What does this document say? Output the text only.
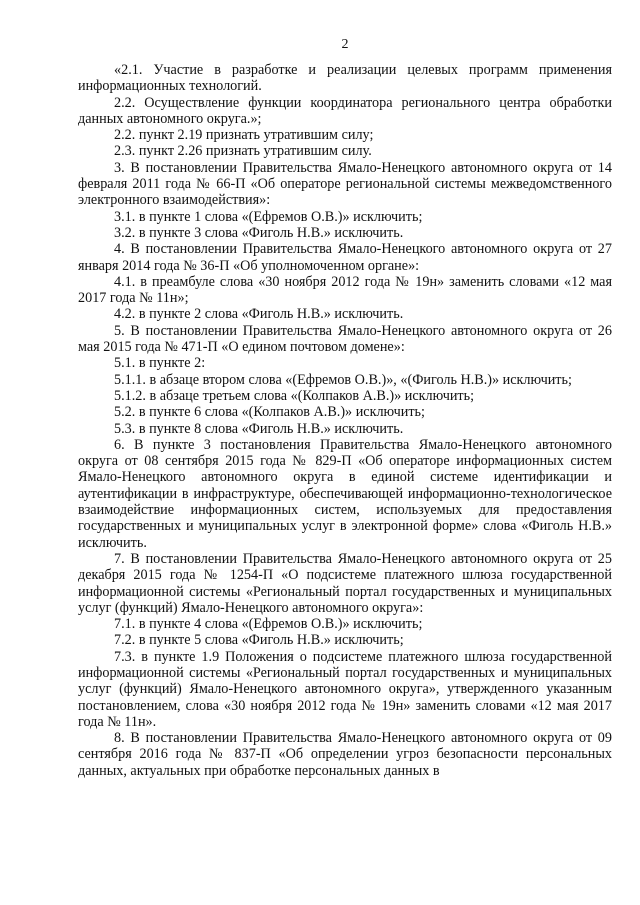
2

«2.1. Участие в разработке и реализации целевых программ применения информационных технологий.

2.2. Осуществление функции координатора регионального центра обработки данных автономного округа.»;

2.2. пункт 2.19 признать утратившим силу;

2.3. пункт 2.26 признать утратившим силу.

3. В постановлении Правительства Ямало-Ненецкого автономного округа от 14 февраля 2011 года № 66-П «Об операторе региональной системы межведомственного электронного взаимодействия»:

3.1. в пункте 1 слова «(Ефремов О.В.)» исключить;

3.2. в пункте 3 слова «Фиголь Н.В.» исключить.

4. В постановлении Правительства Ямало-Ненецкого автономного округа от 27 января 2014 года № 36-П «Об уполномоченном органе»:

4.1. в преамбуле слова «30 ноября 2012 года № 19н» заменить словами «12 мая 2017 года № 11н»;

4.2. в пункте 2 слова «Фиголь Н.В.» исключить.

5. В постановлении Правительства Ямало-Ненецкого автономного округа от 26 мая 2015 года № 471-П «О едином почтовом домене»:

5.1. в пункте 2:

5.1.1. в абзаце втором слова «(Ефремов О.В.)», «(Фиголь Н.В.)» исключить;

5.1.2. в абзаце третьем слова «(Колпаков А.В.)» исключить;

5.2. в пункте 6 слова «(Колпаков А.В.)» исключить;

5.3. в пункте 8 слова «Фиголь Н.В.» исключить.

6. В пункте 3 постановления Правительства Ямало-Ненецкого автономного округа от 08 сентября 2015 года № 829-П «Об операторе информационных систем Ямало-Ненецкого автономного округа в единой системе идентификации и аутентификации в инфраструктуре, обеспечивающей информационно-технологическое взаимодействие информационных систем, используемых для предоставления государственных и муниципальных услуг в электронной форме» слова «Фиголь Н.В.» исключить.

7. В постановлении Правительства Ямало-Ненецкого автономного округа от 25 декабря 2015 года № 1254-П «О подсистеме платежного шлюза государственной информационной системы «Региональный портал государственных и муниципальных услуг (функций) Ямало-Ненецкого автономного округа»:

7.1. в пункте 4 слова «(Ефремов О.В.)» исключить;

7.2. в пункте 5 слова «Фиголь Н.В.» исключить;

7.3. в пункте 1.9 Положения о подсистеме платежного шлюза государственной информационной системы «Региональный портал государственных и муниципальных услуг (функций) Ямало-Ненецкого автономного округа», утвержденного указанным постановлением, слова «30 ноября 2012 года № 19н» заменить словами «12 мая 2017 года № 11н».

8. В постановлении Правительства Ямало-Ненецкого автономного округа от 09 сентября 2016 года № 837-П «Об определении угроз безопасности персональных данных, актуальных при обработке персональных данных в
